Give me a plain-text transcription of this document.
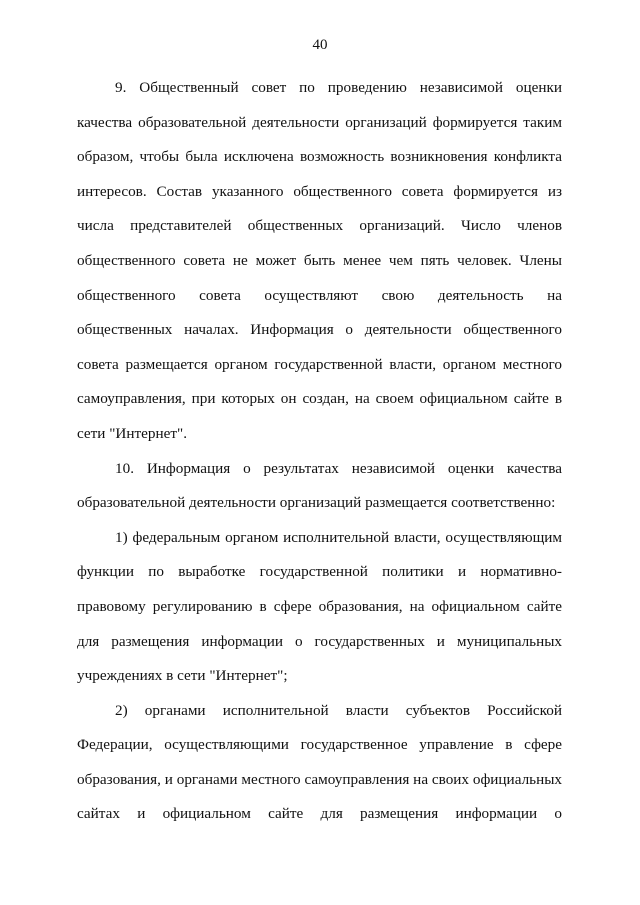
40

9. Общественный совет по проведению независимой оценки качества образовательной деятельности организаций формируется таким образом, чтобы была исключена возможность возникновения конфликта интересов. Состав указанного общественного совета формируется из числа представителей общественных организаций. Число членов общественного совета не может быть менее чем пять человек. Члены общественного совета осуществляют свою деятельность на общественных началах. Информация о деятельности общественного совета размещается органом государственной власти, органом местного самоуправления, при которых он создан, на своем официальном сайте в сети "Интернет".

10. Информация о результатах независимой оценки качества образовательной деятельности организаций размещается соответственно:

1) федеральным органом исполнительной власти, осуществляющим функции по выработке государственной политики и нормативно-правовому регулированию в сфере образования, на официальном сайте для размещения информации о государственных и муниципальных учреждениях в сети "Интернет";

2) органами исполнительной власти субъектов Российской Федерации, осуществляющими государственное управление в сфере образования, и органами местного самоуправления на своих официальных сайтах и официальном сайте для размещения информации о
